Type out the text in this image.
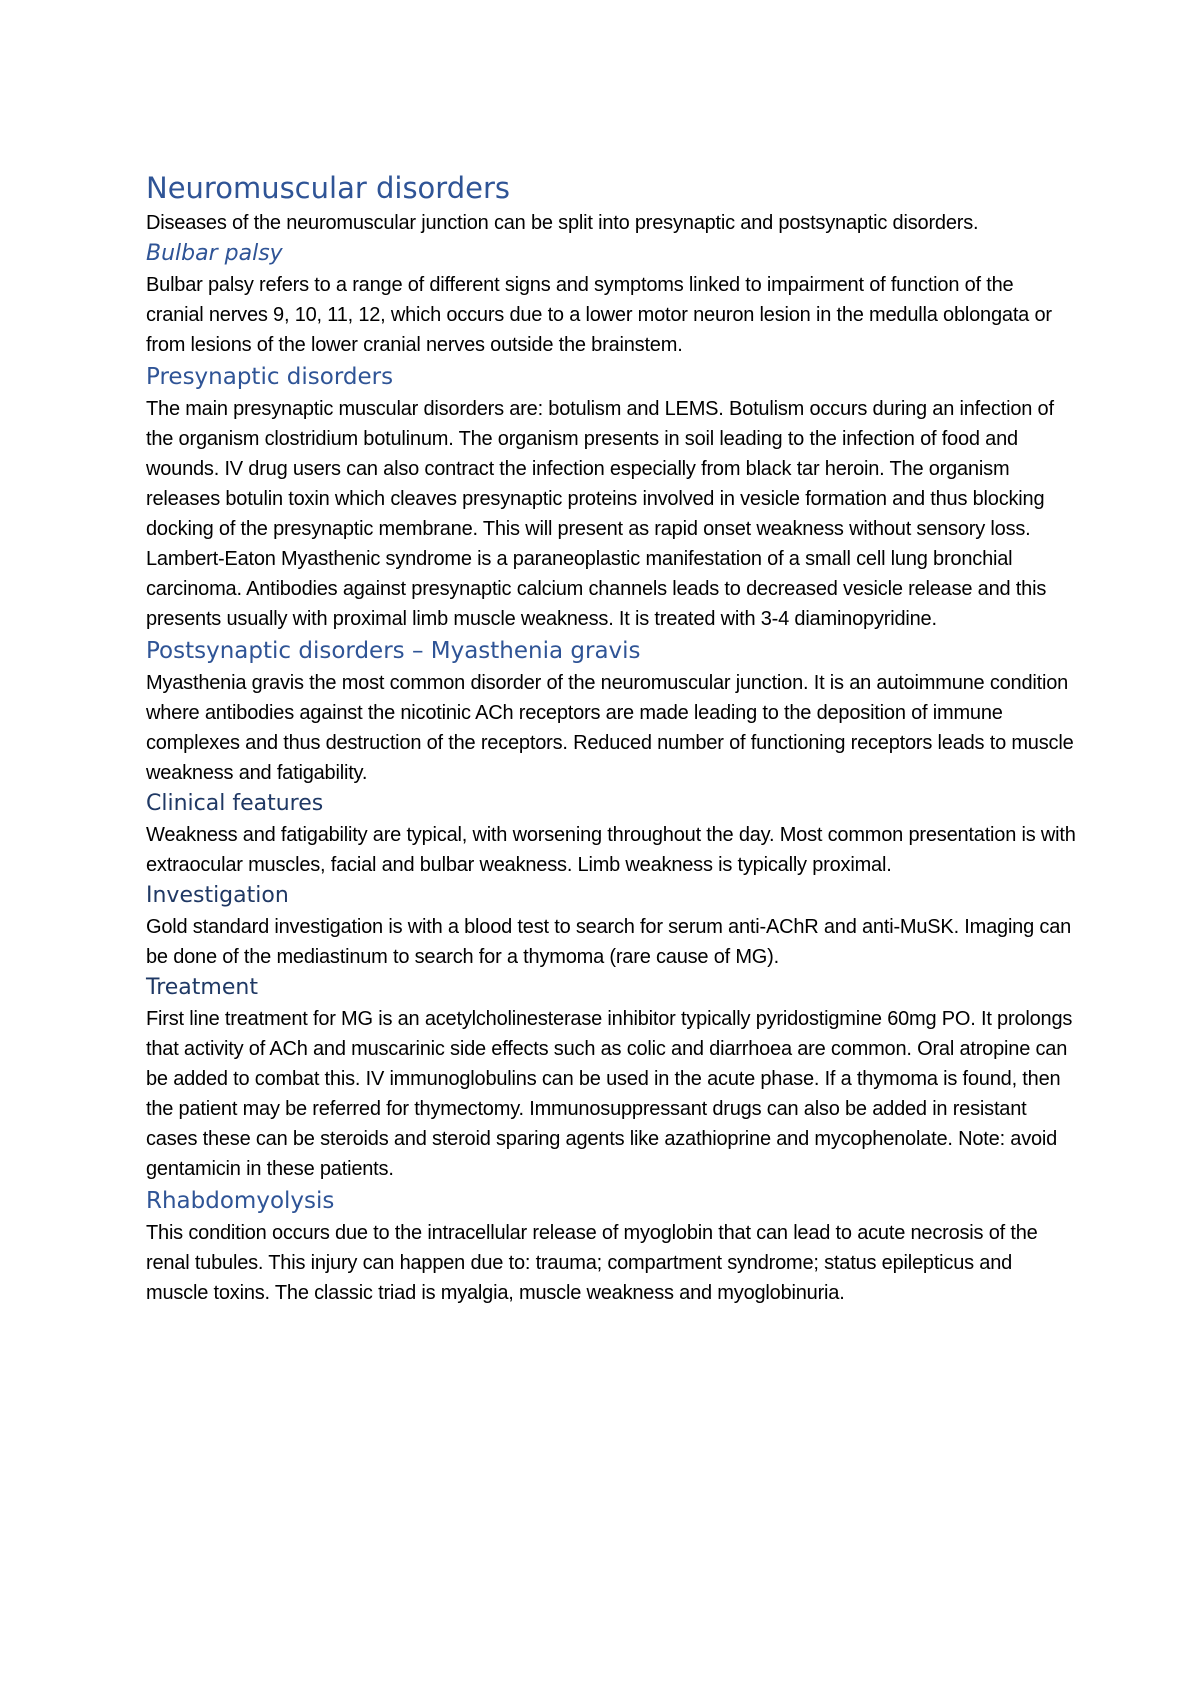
Neuromuscular disorders

Diseases of the neuromuscular junction can be split into presynaptic and postsynaptic disorders.

Bulbar palsy

Bulbar palsy refers to a range of different signs and symptoms linked to impairment of function of the cranial nerves 9, 10, 11, 12, which occurs due to a lower motor neuron lesion in the medulla oblongata or from lesions of the lower cranial nerves outside the brainstem.

Presynaptic disorders

The main presynaptic muscular disorders are: botulism and LEMS. Botulism occurs during an infection of the organism clostridium botulinum. The organism presents in soil leading to the infection of food and wounds. IV drug users can also contract the infection especially from black tar heroin. The organism releases botulin toxin which cleaves presynaptic proteins involved in vesicle formation and thus blocking docking of the presynaptic membrane. This will present as rapid onset weakness without sensory loss.

Lambert-Eaton Myasthenic syndrome is a paraneoplastic manifestation of a small cell lung bronchial carcinoma. Antibodies against presynaptic calcium channels leads to decreased vesicle release and this presents usually with proximal limb muscle weakness. It is treated with 3-4 diaminopyridine.

Postsynaptic disorders – Myasthenia gravis

Myasthenia gravis the most common disorder of the neuromuscular junction. It is an autoimmune condition where antibodies against the nicotinic ACh receptors are made leading to the deposition of immune complexes and thus destruction of the receptors. Reduced number of functioning receptors leads to muscle weakness and fatigability.

Clinical features

Weakness and fatigability are typical, with worsening throughout the day. Most common presentation is with extraocular muscles, facial and bulbar weakness. Limb weakness is typically proximal.

Investigation

Gold standard investigation is with a blood test to search for serum anti-AChR and anti-MuSK. Imaging can be done of the mediastinum to search for a thymoma (rare cause of MG).

Treatment

First line treatment for MG is an acetylcholinesterase inhibitor typically pyridostigmine 60mg PO. It prolongs that activity of ACh and muscarinic side effects such as colic and diarrhoea are common. Oral atropine can be added to combat this. IV immunoglobulins can be used in the acute phase. If a thymoma is found, then the patient may be referred for thymectomy. Immunosuppressant drugs can also be added in resistant cases these can be steroids and steroid sparing agents like azathioprine and mycophenolate. Note: avoid gentamicin in these patients.

Rhabdomyolysis

This condition occurs due to the intracellular release of myoglobin that can lead to acute necrosis of the renal tubules. This injury can happen due to: trauma; compartment syndrome; status epilepticus and muscle toxins. The classic triad is myalgia, muscle weakness and myoglobinuria.
